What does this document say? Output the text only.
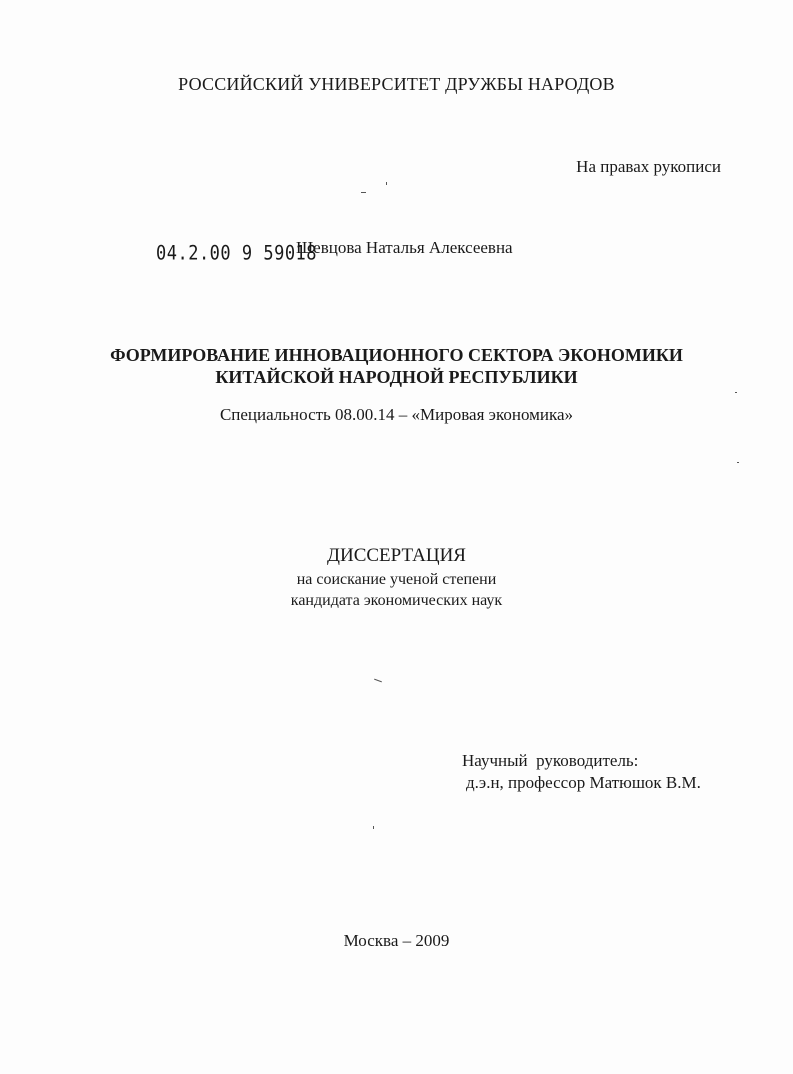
РОССИЙСКИЙ УНИВЕРСИТЕТ ДРУЖБЫ НАРОДОВ
На правах рукописи
04.2.00 9 59018
Шевцова Наталья Алексеевна
ФОРМИРОВАНИЕ ИННОВАЦИОННОГО СЕКТОРА ЭКОНОМИКИ
КИТАЙСКОЙ НАРОДНОЙ РЕСПУБЛИКИ
Специальность 08.00.14 – «Мировая экономика»
ДИССЕРТАЦИЯ
на соискание ученой степени
кандидата экономических наук
Научный  руководитель:
д.э.н, профессор Матюшок В.М.
Москва – 2009
